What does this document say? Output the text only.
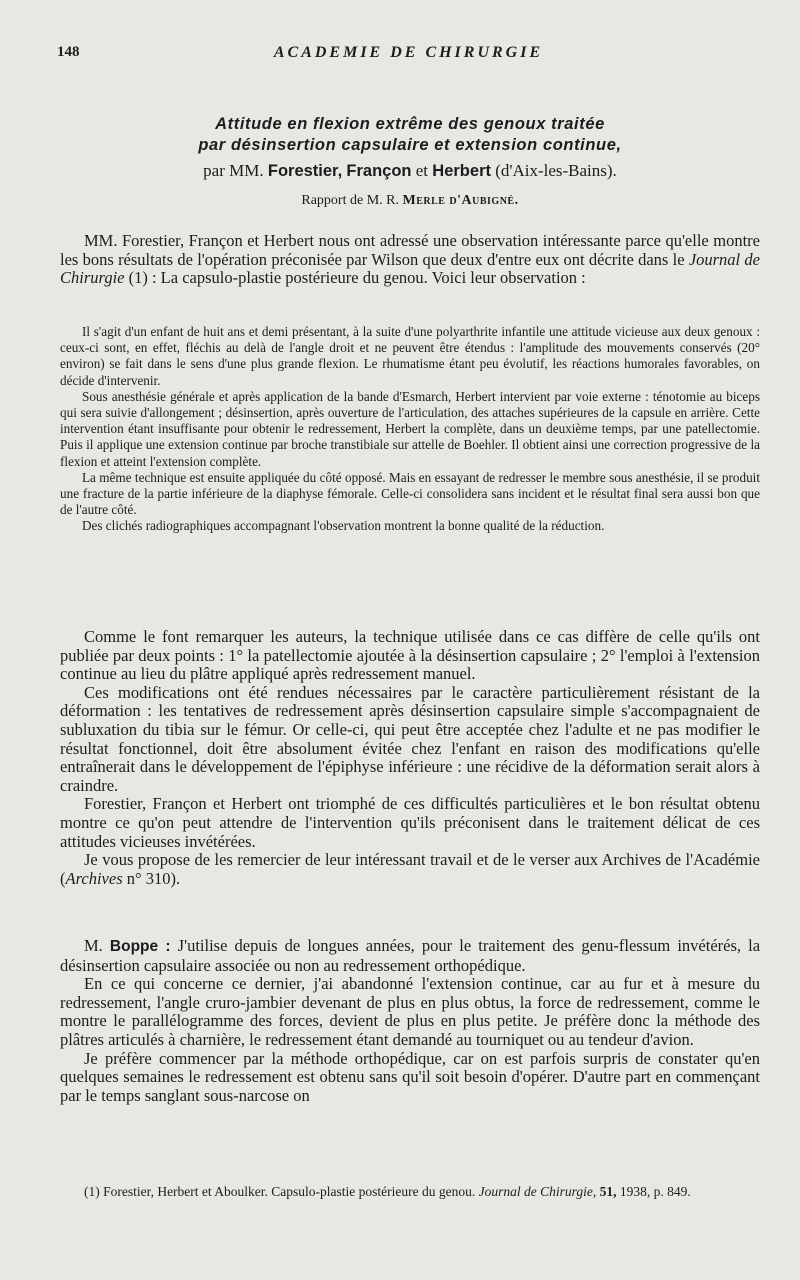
148	ACADEMIE DE CHIRURGIE
Attitude en flexion extrême des genoux traitée
par désinsertion capsulaire et extension continue,
par MM. Forestier, Françon et Herbert (d'Aix-les-Bains).
Rapport de M. R. Merle d'Aubigné.

MM. Forestier, Françon et Herbert nous ont adressé une observation intéressante parce qu'elle montre les bons résultats de l'opération préconisée par Wilson que deux d'entre eux ont décrite dans le Journal de Chirurgie (1) : La capsulo-plastie postérieure du genou. Voici leur observation :

Il s'agit d'un enfant de huit ans et demi présentant, à la suite d'une polyarthrite infantile une attitude vicieuse aux deux genoux : ceux-ci sont, en effet, fléchis au delà de l'angle droit et ne peuvent être étendus : l'amplitude des mouvements conservés (20° environ) se fait dans le sens d'une plus grande flexion. Le rhumatisme étant peu évolutif, les réactions humorales favorables, on décide d'intervenir.

Sous anesthésie générale et après application de la bande d'Esmarch, Herbert intervient par voie externe : ténotomie au biceps qui sera suivie d'allongement ; désinsertion, après ouverture de l'articulation, des attaches supérieures de la capsule en arrière. Cette intervention étant insuffisante pour obtenir le redressement, Herbert la complète, dans un deuxième temps, par une patellectomie. Puis il applique une extension continue par broche transtibiale sur attelle de Boehler. Il obtient ainsi une correction progressive de la flexion et atteint l'extension complète.

La même technique est ensuite appliquée du côté opposé. Mais en essayant de redresser le membre sous anesthésie, il se produit une fracture de la partie inférieure de la diaphyse fémorale. Celle-ci consolidera sans incident et le résultat final sera aussi bon que de l'autre côté.

Des clichés radiographiques accompagnant l'observation montrent la bonne qualité de la réduction.

Comme le font remarquer les auteurs, la technique utilisée dans ce cas diffère de celle qu'ils ont publiée par deux points : 1° la patellectomie ajoutée à la désinsertion capsulaire ; 2° l'emploi à l'extension continue au lieu du plâtre appliqué après redressement manuel.

Ces modifications ont été rendues nécessaires par le caractère particulièrement résistant de la déformation : les tentatives de redressement après désinsertion capsulaire simple s'accompagnaient de subluxation du tibia sur le fémur. Or celle-ci, qui peut être acceptée chez l'adulte et ne pas modifier le résultat fonctionnel, doit être absolument évitée chez l'enfant en raison des modifications qu'elle entraînerait dans le développement de l'épiphyse inférieure : une récidive de la déformation serait alors à craindre.

Forestier, Françon et Herbert ont triomphé de ces difficultés particulières et le bon résultat obtenu montre ce qu'on peut attendre de l'intervention qu'ils préconisent dans le traitement délicat de ces attitudes vicieuses invétérées.

Je vous propose de les remercier de leur intéressant travail et de le verser aux Archives de l'Académie (Archives n° 310).

M. Boppe : J'utilise depuis de longues années, pour le traitement des genu-flessum invétérés, la désinsertion capsulaire associée ou non au redressement orthopédique.

En ce qui concerne ce dernier, j'ai abandonné l'extension continue, car au fur et à mesure du redressement, l'angle cruro-jambier devenant de plus en plus obtus, la force de redressement, comme le montre le parallélogramme des forces, devient de plus en plus petite. Je préfère donc la méthode des plâtres articulés à charnière, le redressement étant demandé au tourniquet ou au tendeur d'avion.

Je préfère commencer par la méthode orthopédique, car on est parfois surpris de constater qu'en quelques semaines le redressement est obtenu sans qu'il soit besoin d'opérer. D'autre part en commençant par le temps sanglant sous-narcose on

(1) Forestier, Herbert et Aboulker. Capsulo-plastie postérieure du genou. Journal de Chirurgie, 51, 1938, p. 849.
